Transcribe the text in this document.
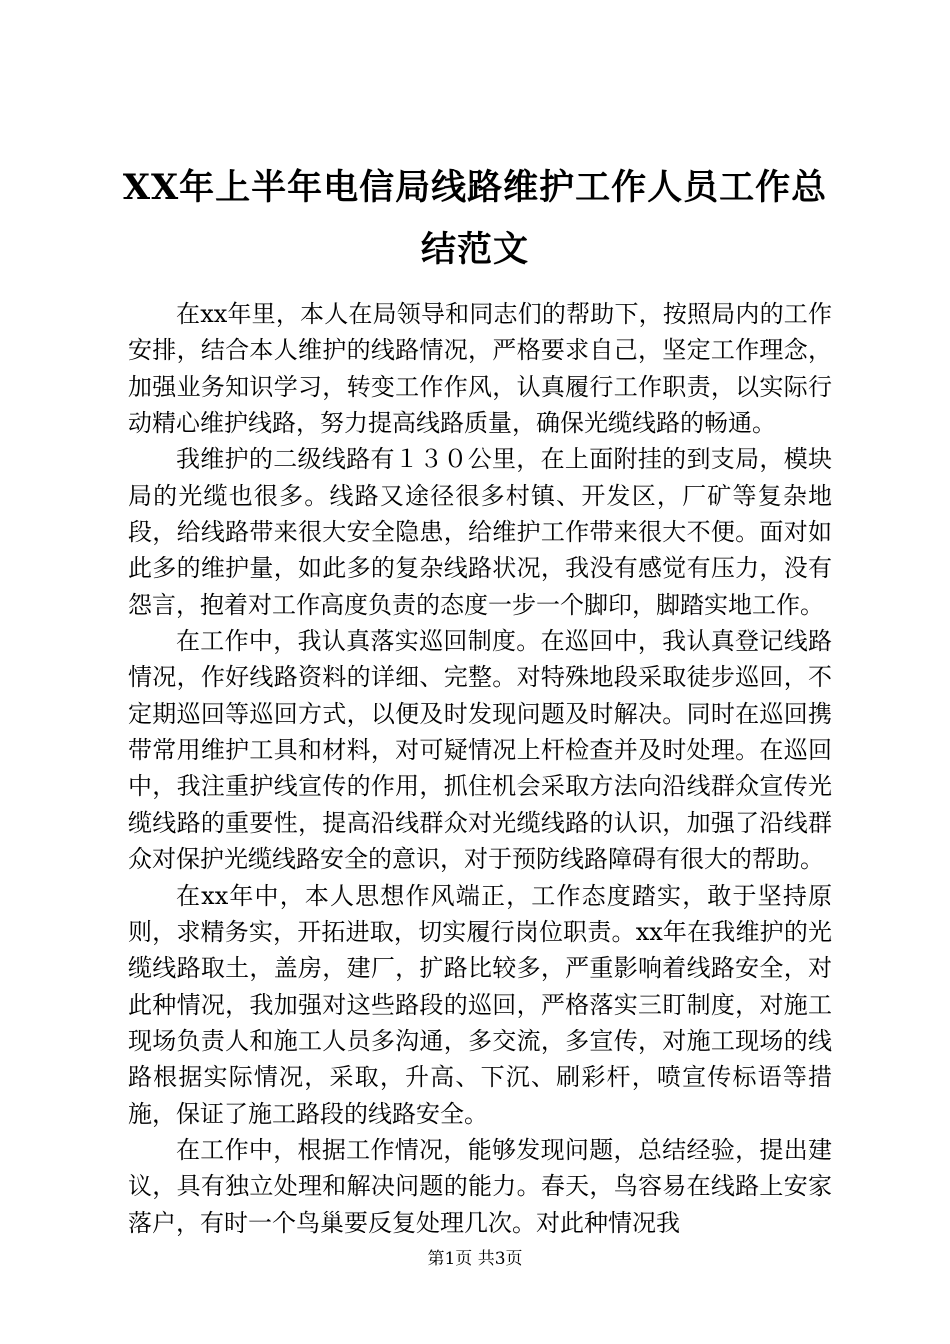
XX年上半年电信局线路维护工作人员工作总
结范文

在xx年里，本人在局领导和同志们的帮助下，按照局内的工作安排，结合本人维护的线路情况，严格要求自己，坚定工作理念，加强业务知识学习，转变工作作风，认真履行工作职责，以实际行动精心维护线路，努力提高线路质量，确保光缆线路的畅通。

我维护的二级线路有１３０公里，在上面附挂的到支局，模块局的光缆也很多。线路又途径很多村镇、开发区，厂矿等复杂地段，给线路带来很大安全隐患，给维护工作带来很大不便。面对如此多的维护量，如此多的复杂线路状况，我没有感觉有压力，没有怨言，抱着对工作高度负责的态度一步一个脚印，脚踏实地工作。

在工作中，我认真落实巡回制度。在巡回中，我认真登记线路情况，作好线路资料的详细、完整。对特殊地段采取徒步巡回，不定期巡回等巡回方式，以便及时发现问题及时解决。同时在巡回携带常用维护工具和材料，对可疑情况上杆检查并及时处理。在巡回中，我注重护线宣传的作用，抓住机会采取方法向沿线群众宣传光缆线路的重要性，提高沿线群众对光缆线路的认识，加强了沿线群众对保护光缆线路安全的意识，对于预防线路障碍有很大的帮助。

在xx年中，本人思想作风端正，工作态度踏实，敢于坚持原则，求精务实，开拓进取，切实履行岗位职责。xx年在我维护的光缆线路取土，盖房，建厂，扩路比较多，严重影响着线路安全，对此种情况，我加强对这些路段的巡回，严格落实三盯制度，对施工现场负责人和施工人员多沟通，多交流，多宣传，对施工现场的线路根据实际情况，采取，升高、下沉、刷彩杆，喷宣传标语等措施，保证了施工路段的线路安全。

在工作中，根据工作情况，能够发现问题，总结经验，提出建议，具有独立处理和解决问题的能力。春天，鸟容易在线路上安家落户，有时一个鸟巢要反复处理几次。对此种情况我

第1页 共3页
